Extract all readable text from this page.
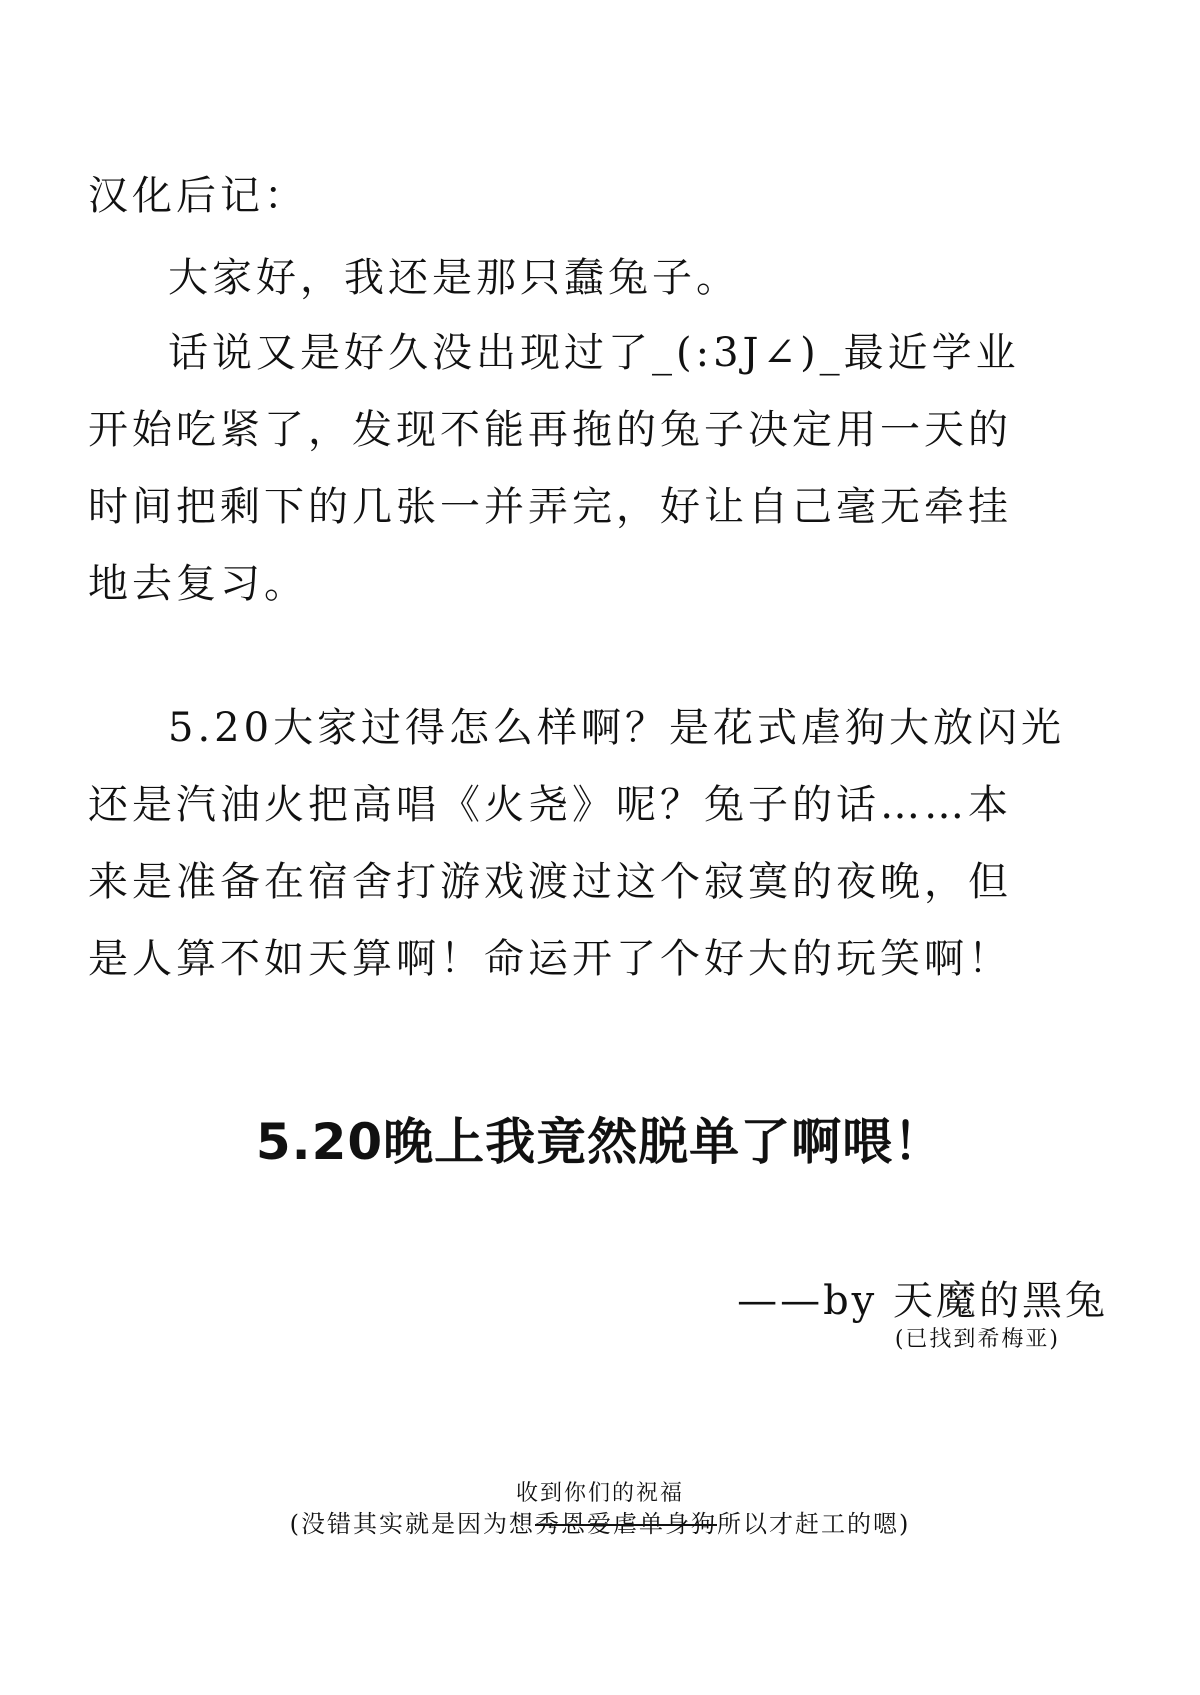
汉化后记：

大家好，我还是那只蠢兔子。

话说又是好久没出现过了_(:3J∠)_最近学业
开始吃紧了，发现不能再拖的兔子决定用一天的
时间把剩下的几张一并弄完，好让自己毫无牵挂
地去复习。

5.20大家过得怎么样啊？是花式虐狗大放闪光
还是汽油火把高唱《火尧》呢？兔子的话……本
来是准备在宿舍打游戏渡过这个寂寞的夜晚，但
是人算不如天算啊！命运开了个好大的玩笑啊！

5.20晚上我竟然脱单了啊喂！

——by 天魔的黑兔

(已找到希梅亚)

收到你们的祝福

(没错其实就是因为想秀恩爱虐单身狗所以才赶工的嗯)
